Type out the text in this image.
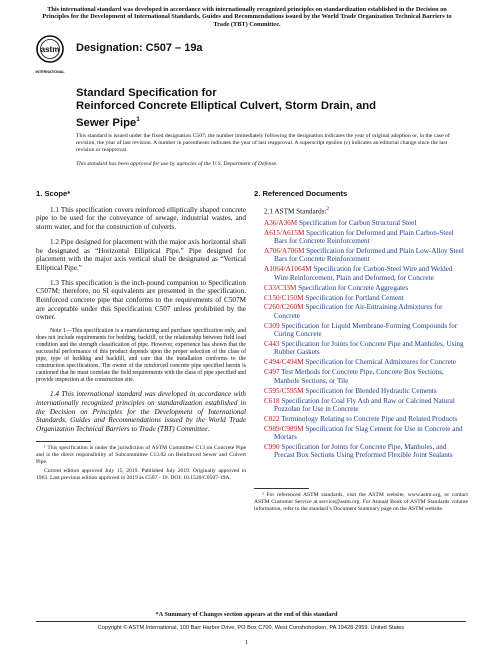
This international standard was developed in accordance with internationally recognized principles on standardization established in the Decision on Principles for the Development of International Standards, Guides and Recommendations issued by the World Trade Organization Technical Barriers to Trade (TBT) Committee.
astm
INTERNATIONAL
Designation: C507 – 19a
Standard Specification for
Reinforced Concrete Elliptical Culvert, Storm Drain, and
Sewer Pipe$^1$
This standard is issued under the fixed designation C507; the number immediately following the designation indicates the year of original adoption or, in the case of revision, the year of last revision. A number in parentheses indicates the year of last reapproval. A superscript epsilon (ε) indicates an editorial change since the last revision or reapproval.
This standard has been approved for use by agencies of the U.S. Department of Defense.
1. Scope*

1.1 This specification covers reinforced elliptically shaped concrete pipe to be used for the conveyance of sewage, industrial wastes, and storm water, and for the construction of culverts.

1.2 Pipe designed for placement with the major axis horizontal shall be designated as “Horizontal Elliptical Pipe.” Pipe designed for placement with the major axis vertical shall be designated as “Vertical Elliptical Pipe.”

1.3 This specification is the inch-pound companion to Specification C507M; therefore, no SI equivalents are presented in the specification. Reinforced concrete pipe that conforms to the requirements of C507M are acceptable under this Specification C507 unless prohibited by the owner.

Note 1—This specification is a manufacturing and purchase specification only, and does not include requirements for bedding, backfill, or the relationship between field load condition and the strength classification of pipe. However, experience has shown that the successful performance of this product depends upon the proper selection of the class of pipe, type of bedding and backfill, and care that the installation conforms to the construction specifications. The owner of the reinforced concrete pipe specified herein is cautioned that he must correlate the field requirements with the class of pipe specified and provide inspection at the construction site.

1.4 This international standard was developed in accordance with internationally recognized principles on standardization established in the Decision on Principles for the Development of International Standards, Guides and Recommendations issued by the World Trade Organization Technical Barriers to Trade (TBT) Committee.

2. Referenced Documents
2.1 ASTM Standards:$^2$
A36/A36M Specification for Carbon Structural Steel
A615/A615M Specification for Deformed and Plain Carbon-Steel Bars for Concrete Reinforcement
A706/A706M Specification for Deformed and Plain Low-Alloy Steel Bars for Concrete Reinforcement
A1064/A1064M Specification for Carbon-Steel Wire and Welded Wire Reinforcement, Plain and Deformed, for Concrete
C33/C33M Specification for Concrete Aggregates
C150/C150M Specification for Portland Cement
C260/C260M Specification for Air-Entraining Admixtures for Concrete
C309 Specification for Liquid Membrane-Forming Compounds for Curing Concrete
C443 Specification for Joints for Concrete Pipe and Manholes, Using Rubber Gaskets
C494/C494M Specification for Chemical Admixtures for Concrete
C497 Test Methods for Concrete Pipe, Concrete Box Sections, Manhole Sections, or Tile
C595/C595M Specification for Blended Hydraulic Cements
C618 Specification for Coal Fly Ash and Raw or Calcined Natural Pozzolan for Use in Concrete
C822 Terminology Relating to Concrete Pipe and Related Products
C989/C989M Specification for Slag Cement for Use in Concrete and Mortars
C990 Specification for Joints for Concrete Pipe, Manholes, and Precast Box Sections Using Preformed Flexible Joint Sealants

¹ This specification is under the jurisdiction of ASTM Committee C13 on Concrete Pipe and is the direct responsibility of Subcommittee C13.02 on Reinforced Sewer and Culvert Pipe.

Current edition approved July 15, 2019. Published July 2019. Originally approved in 1963. Last previous edition approved in 2019 as C507 - 19. DOI: 10.1520/C0507-19A.

² For referenced ASTM standards, visit the ASTM website, www.astm.org, or contact ASTM Customer Service at service@astm.org. For Annual Book of ASTM Standards volume information, refer to the standard’s Document Summary page on the ASTM website.

*A Summary of Changes section appears at the end of this standard
Copyright © ASTM International, 100 Barr Harbor Drive, PO Box C700, West Conshohocken, PA 19428-2959. United States
1
